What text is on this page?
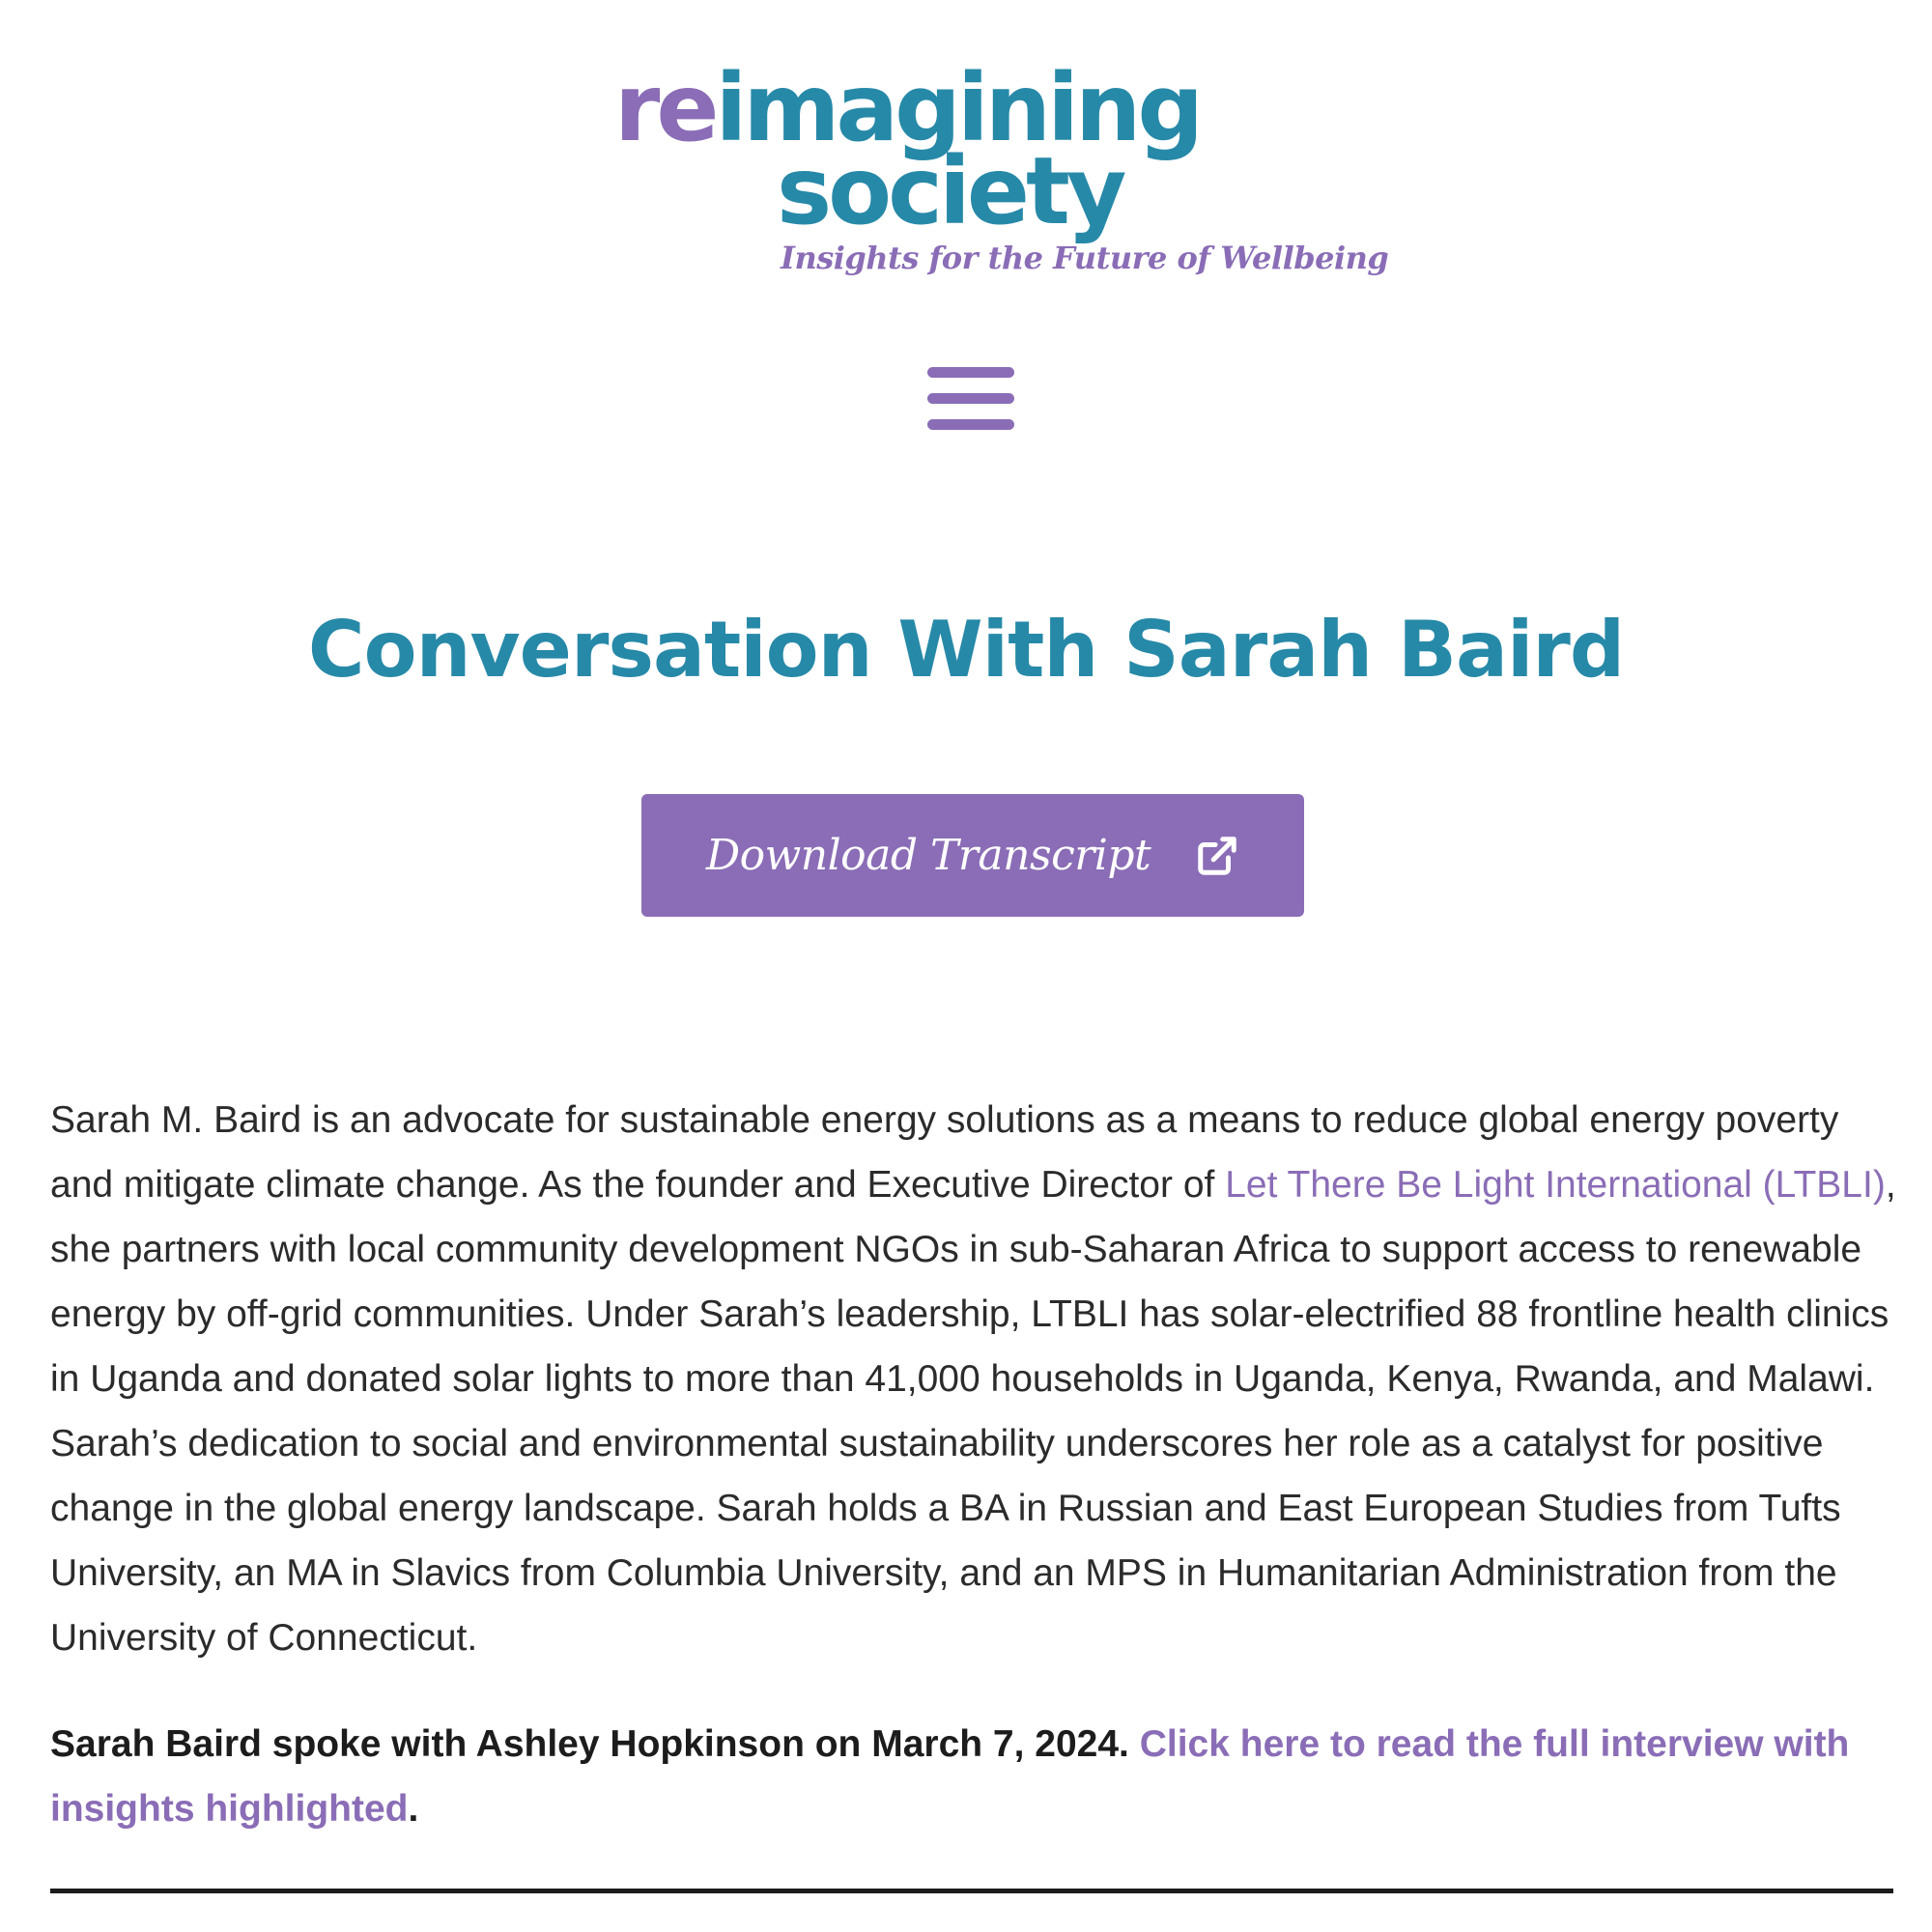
reimagining
society
Insights for the Future of Wellbeing
Conversation With Sarah Baird
Download Transcript

Sarah M. Baird is an advocate for sustainable energy solutions as a means to reduce global energy poverty and mitigate climate change. As the founder and Executive Director of Let There Be Light International (LTBLI), she partners with local community development NGOs in sub-Saharan Africa to support access to renewable energy by off-grid communities. Under Sarah’s leadership, LTBLI has solar-electrified 88 frontline health clinics in Uganda and donated solar lights to more than 41,000 households in Uganda, Kenya, Rwanda, and Malawi. Sarah’s dedication to social and environmental sustainability underscores her role as a catalyst for positive change in the global energy landscape. Sarah holds a BA in Russian and East European Studies from Tufts University, an MA in Slavics from Columbia University, and an MPS in Humanitarian Administration from the University of Connecticut.

Sarah Baird spoke with Ashley Hopkinson on March 7, 2024. Click here to read the full interview with insights highlighted.
